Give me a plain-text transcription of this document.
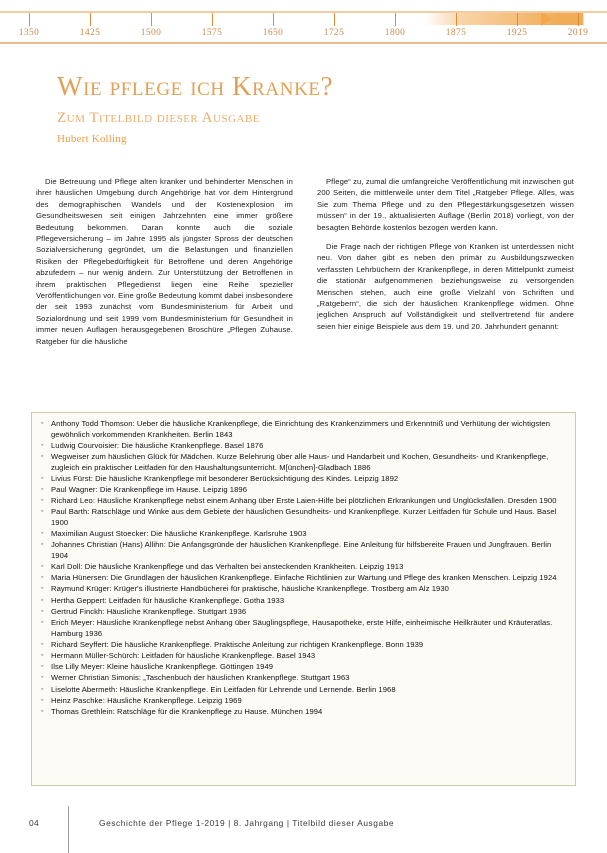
1350	1425	1500	1575	1650	1725	1800	1875	1925	2019
Wie pflege ich Kranke?
Zum Titelbild dieser Ausgabe
Hubert Kolling

Die Betreuung und Pflege alten kranker und behinderter Menschen in ihrer häuslichen Umgebung durch Angehörige hat vor dem Hintergrund des demographischen Wandels und der Kostenexplosion im Gesundheitswesen seit einigen Jahrzehnten eine immer größere Bedeutung bekommen. Daran konnte auch die soziale Pflegeversicherung – im Jahre 1995 als jüngster Spross der deutschen Sozialversicherung gegründet, um die Belastungen und finanziellen Risiken der Pflegebedürftigkeit für Betroffene und deren Angehörige abzufedern – nur wenig ändern. Zur Unterstützung der Betroffenen in ihrem praktischen Pflegedienst liegen eine Reihe spezieller Veröffentlichungen vor. Eine große Bedeutung kommt dabei insbesondere der seit 1993 zunächst vom Bundesministerium für Arbeit und Sozialordnung und seit 1999 vom Bundesministerium für Gesundheit in immer neuen Auflagen herausgegebenen Broschüre „Pflegen Zuhause. Ratgeber für die häusliche

Pflege“ zu, zumal die umfangreiche Veröffentlichung mit inzwischen gut 200 Seiten, die mittlerweile unter dem Titel „Ratgeber Pflege. Alles, was Sie zum Thema Pflege und zu den Pflegestärkungsgesetzen wissen müssen“ in der 19., aktualisierten Auflage (Berlin 2018) vorliegt, von der besagten Behörde kostenlos bezogen werden kann.

Die Frage nach der richtigen Pflege von Kranken ist unterdessen nicht neu. Von daher gibt es neben den primär zu Ausbildungszwecken verfassten Lehrbüchern der Krankenpflege, in deren Mittelpunkt zumeist die stationär aufgenommenen beziehungsweise zu versorgenden Menschen stehen, auch eine große Vielzahl von Schriften und „Ratgebern“, die sich der häuslichen Krankenpflege widmen. Ohne jeglichen Anspruch auf Vollständigkeit und stellvertretend für andere seien hier einige Beispiele aus dem 19. und 20. Jahrhundert genannt:

▪ Anthony Todd Thomson: Ueber die häusliche Krankenpflege, die Einrichtung des Krankenzimmers und Erkenntniß und Verhütung der wichtigsten gewöhnlich vorkommenden Krankheiten. Berlin 1843
▪ Ludwig Courvoisier: Die häusliche Krankenpflege. Basel 1876
▪ Wegweiser zum häuslichen Glück für Mädchen. Kurze Belehrung über alle Haus- und Handarbeit und Kochen, Gesundheits- und Krankenpflege, zugleich ein praktischer Leitfaden für den Haushaltungsunterricht. M[ünchen]-Gladbach 1886
▪ Livius Fürst: Die häusliche Krankenpflege mit besonderer Berücksichtigung des Kindes. Leipzig 1892
▪ Paul Wagner: Die Krankenpflege im Hause. Leipzig 1896
▪ Richard Leo: Häusliche Krankenpflege nebst einem Anhang über Erste Laien-Hilfe bei plötzlichen Erkrankungen und Unglücksfällen. Dresden 1900
▪ Paul Barth: Ratschläge und Winke aus dem Gebiete der häuslichen Gesundheits- und Krankenpflege. Kurzer Leitfaden für Schule und Haus. Basel 1900
▪ Maximilian August Stoecker: Die häusliche Krankenpflege. Karlsruhe 1903
▪ Johannes Christian (Hans) Allihn: Die Anfangsgründe der häuslichen Krankenpflege. Eine Anleitung für hilfsbereite Frauen und Jungfrauen. Berlin 1904
▪ Karl Doll: Die häusliche Krankenpflege und das Verhalten bei ansteckenden Krankheiten. Leipzig 1913
▪ Maria Hünersen: Die Grundlagen der häuslichen Krankenpflege. Einfache Richtlinien zur Wartung und Pflege des kranken Menschen. Leipzig 1924
▪ Raymund Krüger: Krüger's illustrierte Handbücherei für praktische, häusliche Krankenpflege. Trostberg am Alz 1930
▪ Hertha Geppert: Leitfaden für häusliche Krankenpflege. Gotha 1933
▪ Gertrud Finckh: Häusliche Krankenpflege. Stuttgart 1936
▪ Erich Meyer: Häusliche Krankenpflege nebst Anhang über Säuglingspflege, Hausapotheke, erste Hilfe, einheimische Heilkräuter und Kräuteratlas. Hamburg 1936
▪ Richard Seyffert: Die häusliche Krankenpflege. Praktische Anleitung zur richtigen Krankenpflege. Bonn 1939
▪ Hermann Müller-Schürch: Leitfaden für häusliche Krankenpflege. Basel 1943
▪ Ilse Lilly Meyer: Kleine häusliche Krankenpflege. Göttingen 1949
▪ Werner Christian Simonis: „Taschenbuch der häuslichen Krankenpflege. Stuttgart 1963
▪ Liselotte Abermeth: Häusliche Krankenpflege. Ein Leitfaden für Lehrende und Lernende. Berlin 1968
▪ Heinz Paschke: Häusliche Krankenpflege. Leipzig 1969
▪ Thomas Grethlein: Ratschläge für die Krankenpflege zu Hause. München 1994
04	Geschichte der Pflege 1-2019 | 8. Jahrgang | Titelbild dieser Ausgabe
